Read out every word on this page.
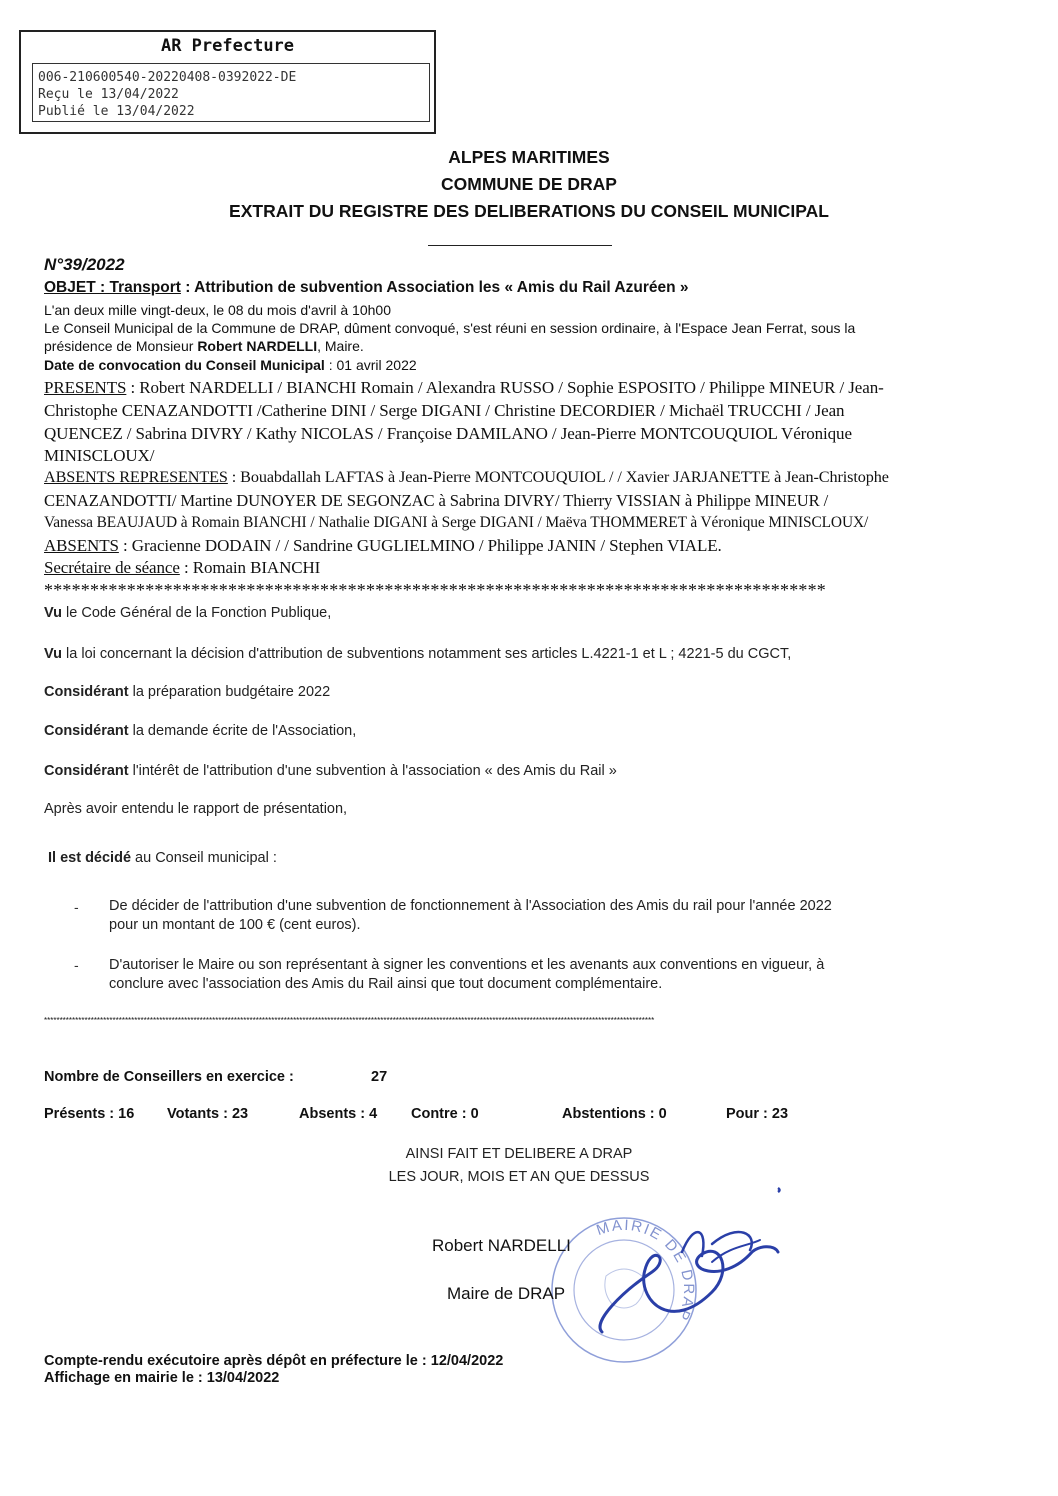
AR Prefecture
006-210600540-20220408-0392022-DE
Reçu le 13/04/2022
Publié le 13/04/2022
ALPES MARITIMES
COMMUNE DE DRAP
EXTRAIT DU REGISTRE DES DELIBERATIONS DU CONSEIL MUNICIPAL
N°39/2022
OBJET : Transport : Attribution de subvention Association les « Amis du Rail Azuréen »
L'an deux mille vingt-deux, le 08 du mois d'avril à 10h00
Le Conseil Municipal de la Commune de DRAP, dûment convoqué, s'est réuni en session ordinaire, à l'Espace Jean Ferrat, sous la
présidence de Monsieur Robert NARDELLI, Maire.
Date de convocation du Conseil Municipal : 01 avril 2022
PRESENTS : Robert NARDELLI / BIANCHI Romain / Alexandra RUSSO / Sophie ESPOSITO / Philippe MINEUR / Jean-
Christophe CENAZANDOTTI /Catherine DINI / Serge DIGANI / Christine DECORDIER / Michaël TRUCCHI / Jean
QUENCEZ / Sabrina DIVRY / Kathy NICOLAS / Françoise DAMILANO / Jean-Pierre MONTCOUQUIOL Véronique
MINISCLOUX/
ABSENTS REPRESENTES : Bouabdallah LAFTAS à Jean-Pierre MONTCOUQUIOL / / Xavier JARJANETTE à Jean-Christophe
CENAZANDOTTI/ Martine DUNOYER DE SEGONZAC à Sabrina DIVRY/ Thierry VISSIAN à Philippe MINEUR /
Vanessa BEAUJAUD à Romain BIANCHI / Nathalie DIGANI à Serge DIGANI / Maëva THOMMERET à Véronique MINISCLOUX/
ABSENTS : Gracienne DODAIN / / Sandrine GUGLIELMINO / Philippe JANIN / Stephen VIALE.
Secrétaire de séance : Romain BIANCHI
*************************************************************************************
Vu le Code Général de la Fonction Publique,
Vu la loi concernant la décision d'attribution de subventions notamment ses articles L.4221-1 et L ; 4221-5 du CGCT,
Considérant la préparation budgétaire 2022
Considérant la demande écrite de l'Association,
Considérant l'intérêt de l'attribution d'une subvention à l'association « des Amis du Rail »
Après avoir entendu le rapport de présentation,
Il est décidé au Conseil municipal :
- De décider de l'attribution d'une subvention de fonctionnement à l'Association des Amis du rail pour l'année 2022
pour un montant de 100 € (cent euros).
- D'autoriser le Maire ou son représentant à signer les conventions et les avenants aux conventions en vigueur, à
conclure avec l'association des Amis du Rail ainsi que tout document complémentaire.
****************************************************************************************************************************************************************************************************
Nombre de Conseillers en exercice :	27
Présents : 16 Votants : 23	Absents : 4 Contre : 0	Abstentions : 0	Pour : 23
AINSI FAIT ET DELIBERE A DRAP
LES JOUR, MOIS ET AN QUE DESSUS
MAIRIE DE DRAP
Robert NARDELLI
Maire de DRAP
Compte-rendu exécutoire après dépôt en préfecture le : 12/04/2022
Affichage en mairie le : 13/04/2022
